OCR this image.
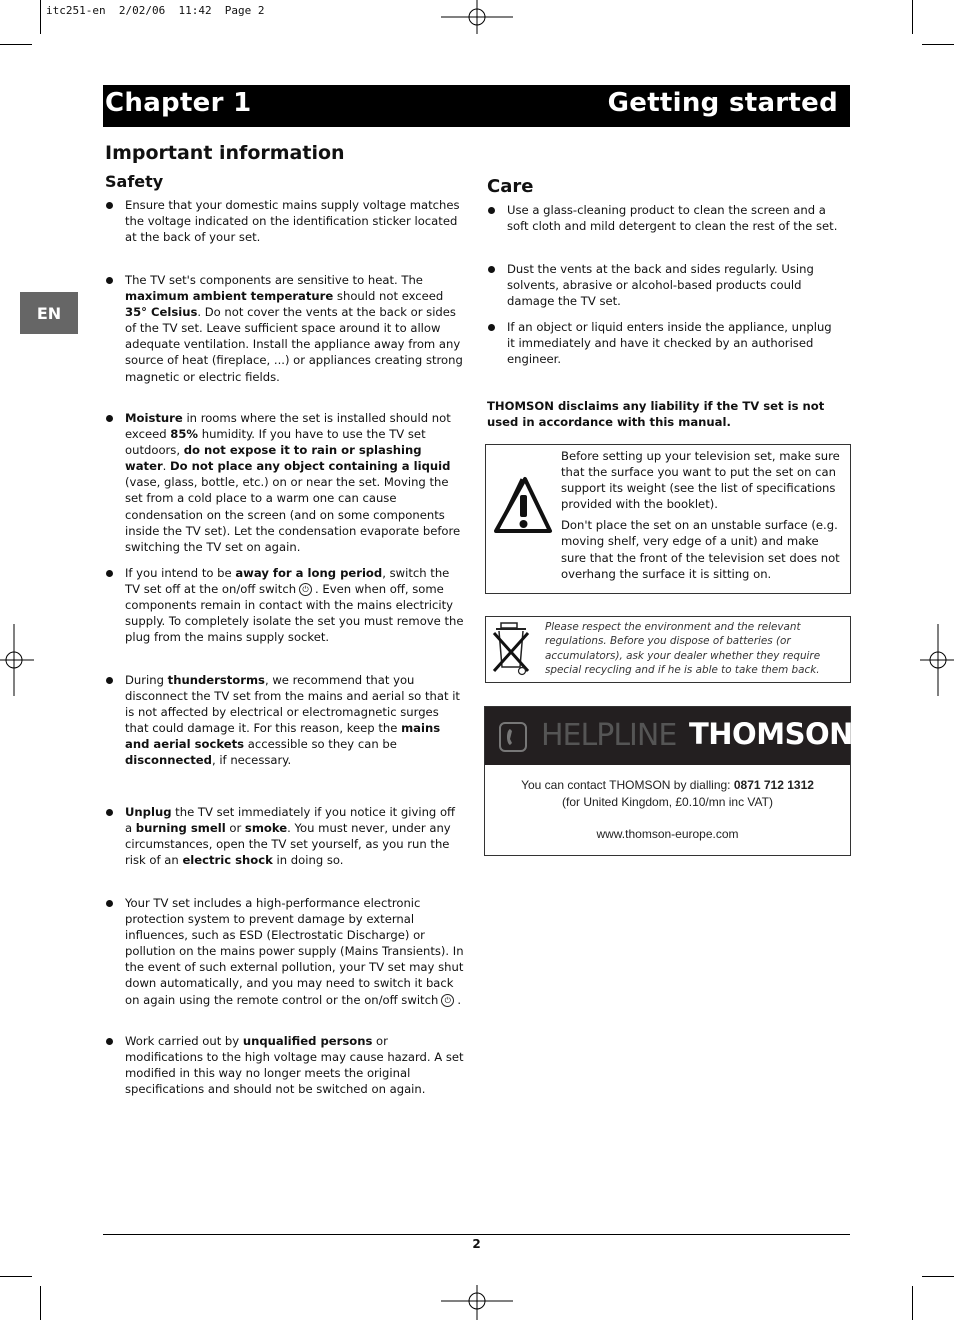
itc251-en  2/02/06  11:42  Page 2
Chapter 1	Getting started
EN
Important information
Safety
Ensure that your domestic mains supply voltage matches the voltage indicated on the identification sticker located at the back of your set.
The TV set's components are sensitive to heat. The maximum ambient temperature should not exceed 35° Celsius. Do not cover the vents at the back or sides of the TV set. Leave sufficient space around it to allow adequate ventilation. Install the appliance away from any source of heat (fireplace, ...) or appliances creating strong magnetic or electric fields.
Moisture in rooms where the set is installed should not exceed 85% humidity. If you have to use the TV set outdoors, do not expose it to rain or splashing water. Do not place any object containing a liquid (vase, glass, bottle, etc.) on or near the set. Moving the set from a cold place to a warm one can cause condensation on the screen (and on some components inside the TV set). Let the condensation evaporate before switching the TV set on again.
If you intend to be away for a long period, switch the TV set off at the on/off switch ⏻ . Even when off, some components remain in contact with the mains electricity supply. To completely isolate the set you must remove the plug from the mains supply socket.
During thunderstorms, we recommend that you disconnect the TV set from the mains and aerial so that it is not affected by electrical or electromagnetic surges that could damage it. For this reason, keep the mains and aerial sockets accessible so they can be disconnected, if necessary.
Unplug the TV set immediately if you notice it giving off a burning smell or smoke. You must never, under any circumstances, open the TV set yourself, as you run the risk of an electric shock in doing so.
Your TV set includes a high-performance electronic protection system to prevent damage by external influences, such as ESD (Electrostatic Discharge) or pollution on the mains power supply (Mains Transients). In the event of such external pollution, your TV set may shut down automatically, and you may need to switch it back on again using the remote control or the on/off switch ⏻ .
Work carried out by unqualified persons or modifications to the high voltage may cause hazard. A set modified in this way no longer meets the original specifications and should not be switched on again.
Care
Use a glass-cleaning product to clean the screen and a soft cloth and mild detergent to clean the rest of the set.
Dust the vents at the back and sides regularly. Using solvents, abrasive or alcohol-based products could damage the TV set.
If an object or liquid enters inside the appliance, unplug it immediately and have it checked by an authorised engineer.
THOMSON disclaims any liability if the TV set is not used in accordance with this manual.

Before setting up your television set, make sure that the surface you want to put the set on can support its weight (see the list of specifications provided with the booklet).

Don't place the set on an unstable surface (e.g. moving shelf, very edge of a unit) and make sure that the front of the television set does not overhang the surface it is sitting on.

Please respect the environment and the relevant regulations. Before you dispose of batteries (or accumulators), ask your dealer whether they require special recycling and if he is able to take them back.
HELPLINE THOMSON
You can contact THOMSON by dialling: 0871 712 1312
(for United Kingdom, £0.10/mn inc VAT)
www.thomson-europe.com
2
